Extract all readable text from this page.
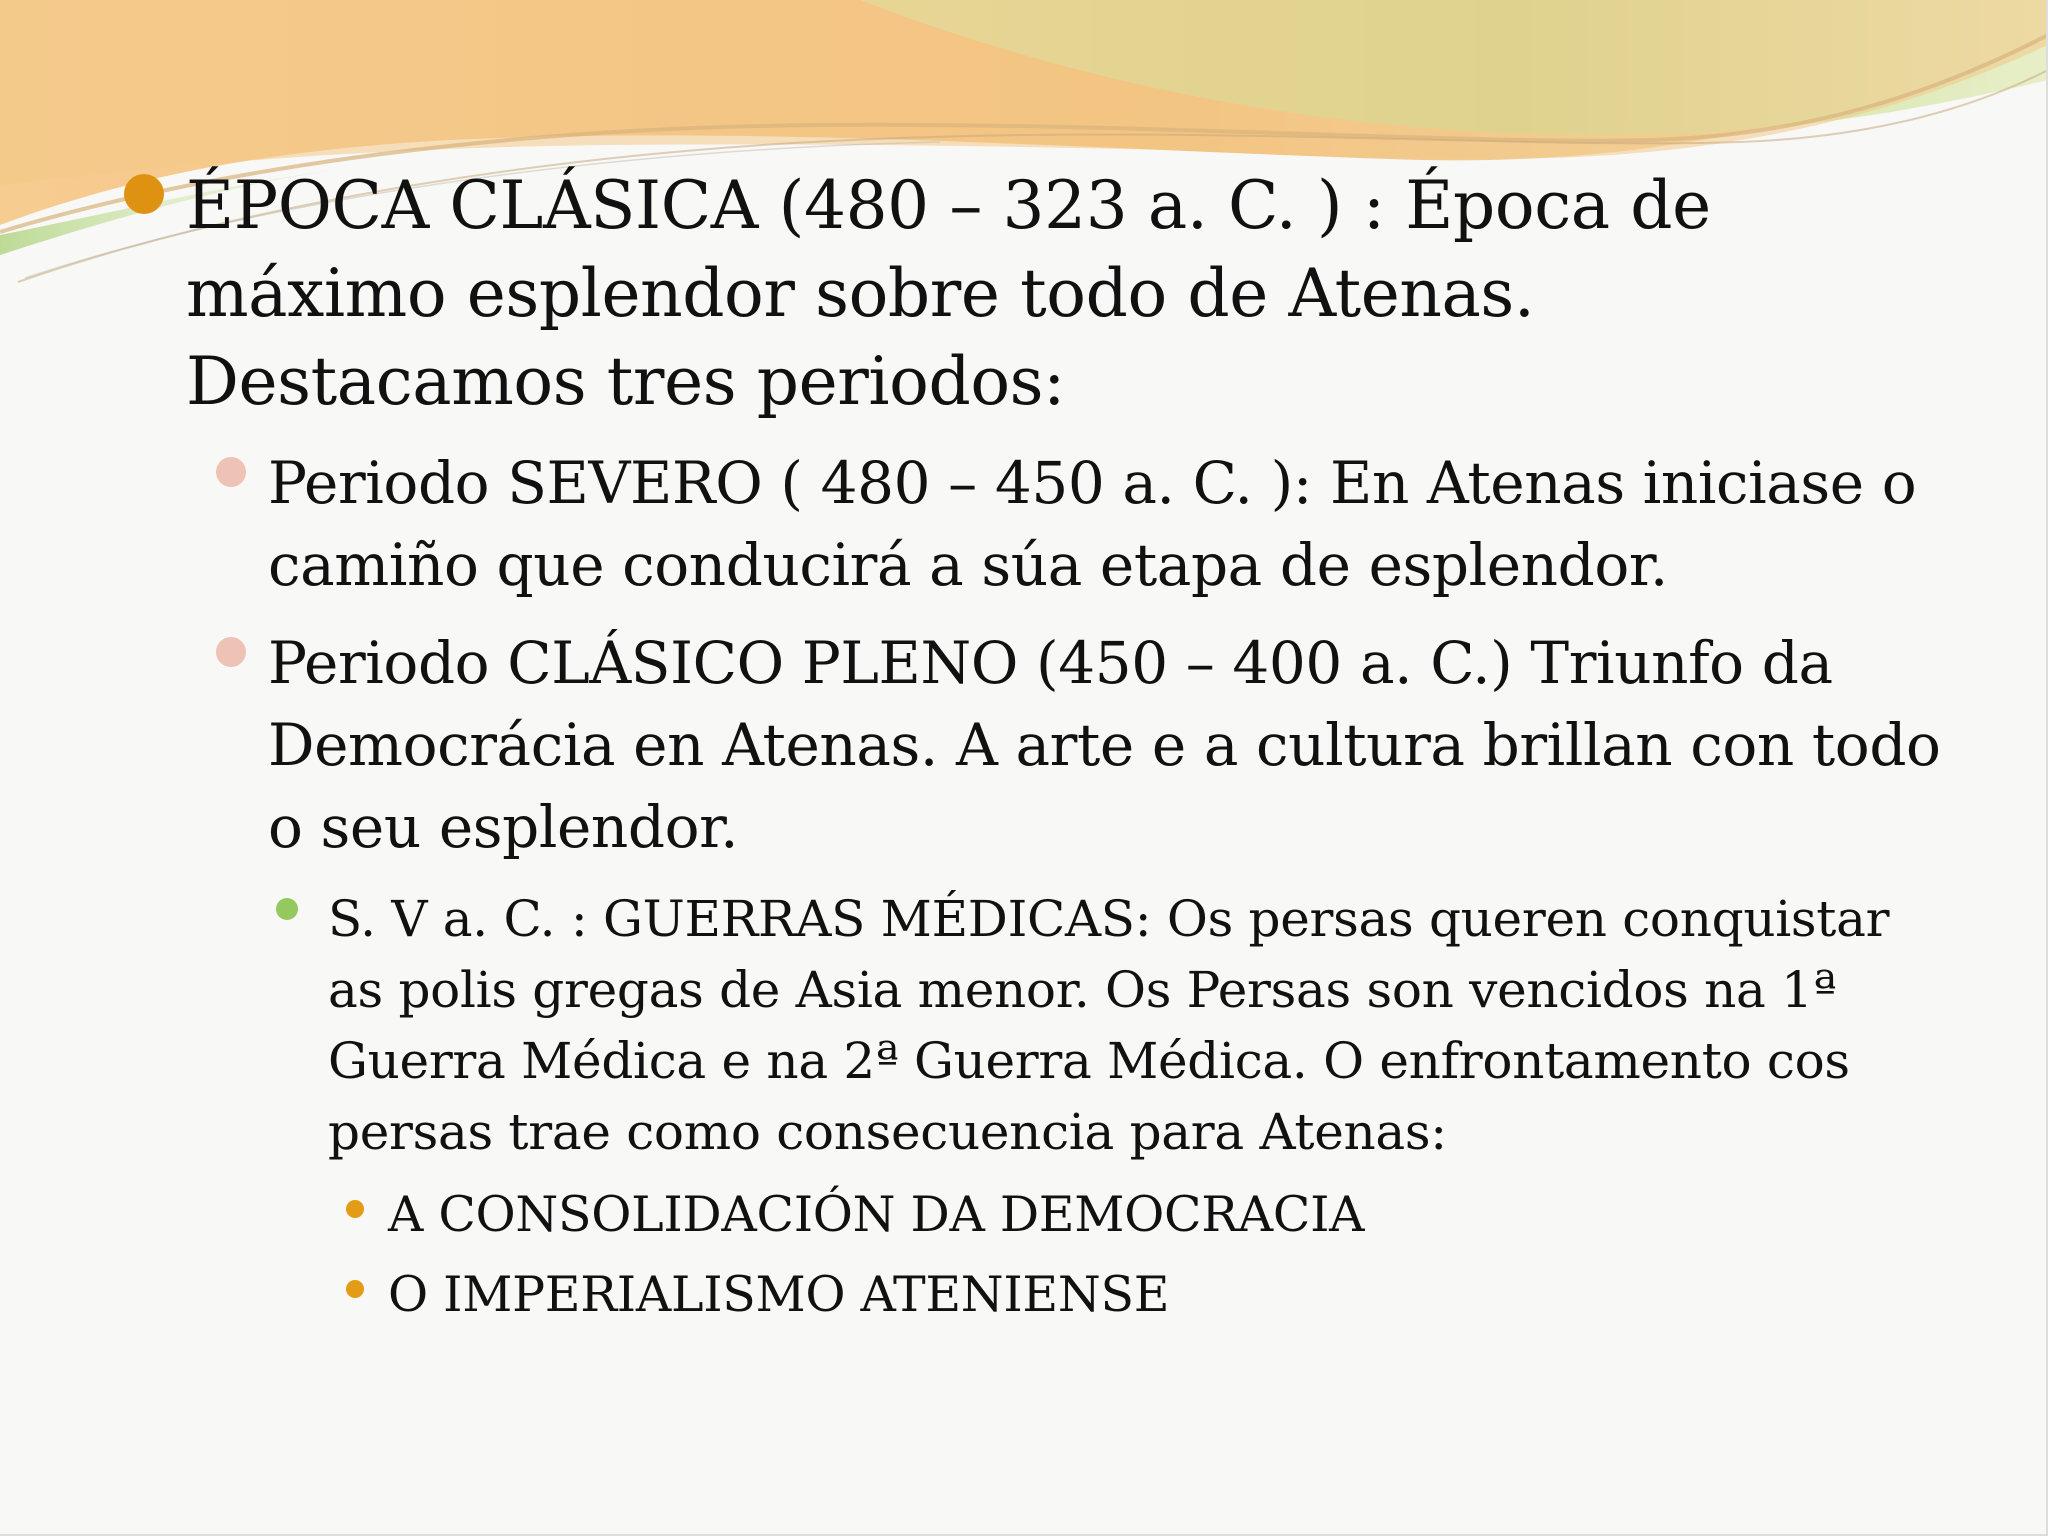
ÉPOCA CLÁSICA (480 – 323 a. C. ) : Época de máximo esplendor sobre todo de Atenas. Destacamos tres periodos:
Periodo SEVERO ( 480 – 450 a. C. ): En Atenas iniciase o camiño que conducirá a súa etapa de esplendor.
Periodo CLÁSICO PLENO (450 – 400 a. C.) Triunfo da Democrácia en Atenas. A arte e a cultura brillan con todo o seu esplendor.
S. V a. C. : GUERRAS MÉDICAS: Os persas queren conquistar as polis gregas de Asia menor. Os Persas son vencidos na 1ª Guerra Médica e na 2ª Guerra Médica. O enfrontamento cos persas trae como consecuencia para Atenas:
A CONSOLIDACIÓN DA DEMOCRACIA
O IMPERIALISMO ATENIENSE
